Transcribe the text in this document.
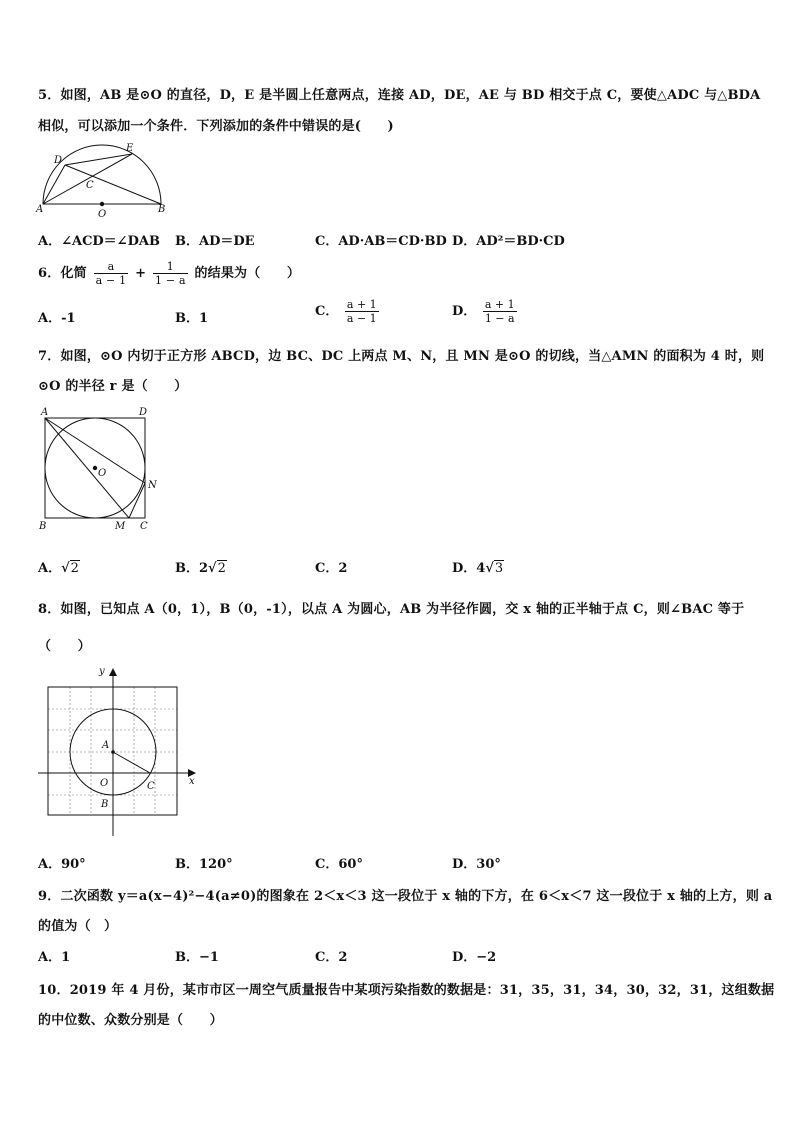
5．如图，AB 是⊙O 的直径，D，E 是半圆上任意两点，连接 AD，DE，AE 与 BD 相交于点 C，要使△ADC 与△BDA
相似，可以添加一个条件．下列添加的条件中错误的是(　　)
D
E
C
A	O	B
A．∠ACD＝∠DAB B．AD＝DE	C．AD·AB＝CD·BD D．AD²＝BD·CD
6．化简 $\frac{a}{a - 1} + \frac{1}{1 - a}$ 的结果为（　　）
A．-1	B．1	C． $\frac{a + 1}{a - 1}$	D． $\frac{a + 1}{1 - a}$
7．如图，⊙O 内切于正方形 ABCD，边 BC、DC 上两点 M、N，且 MN 是⊙O 的切线，当△AMN 的面积为 4 时，则
⊙O 的半径 r 是（　　）
A	D
O
N
B	M C
A．√2	B．2√2	C．2	D．4√3
8．如图，已知点 A（0，1），B（0，-1），以点 A 为圆心，AB 为半径作圆，交 x 轴的正半轴于点 C，则∠BAC 等于
（　　）
y
x
A
O
B
C
A．90°	B．120°	C．60°	D．30°
9．二次函数 y＝a(x−4)²−4(a≠0)的图象在 2＜x＜3 这一段位于 x 轴的下方，在 6＜x＜7 这一段位于 x 轴的上方，则 a
的值为（　）
A．1	B．−1	C．2	D．−2
10．2019 年 4 月份，某市市区一周空气质量报告中某项污染指数的数据是：31，35，31，34，30，32，31，这组数据
的中位数、众数分别是（　　）
